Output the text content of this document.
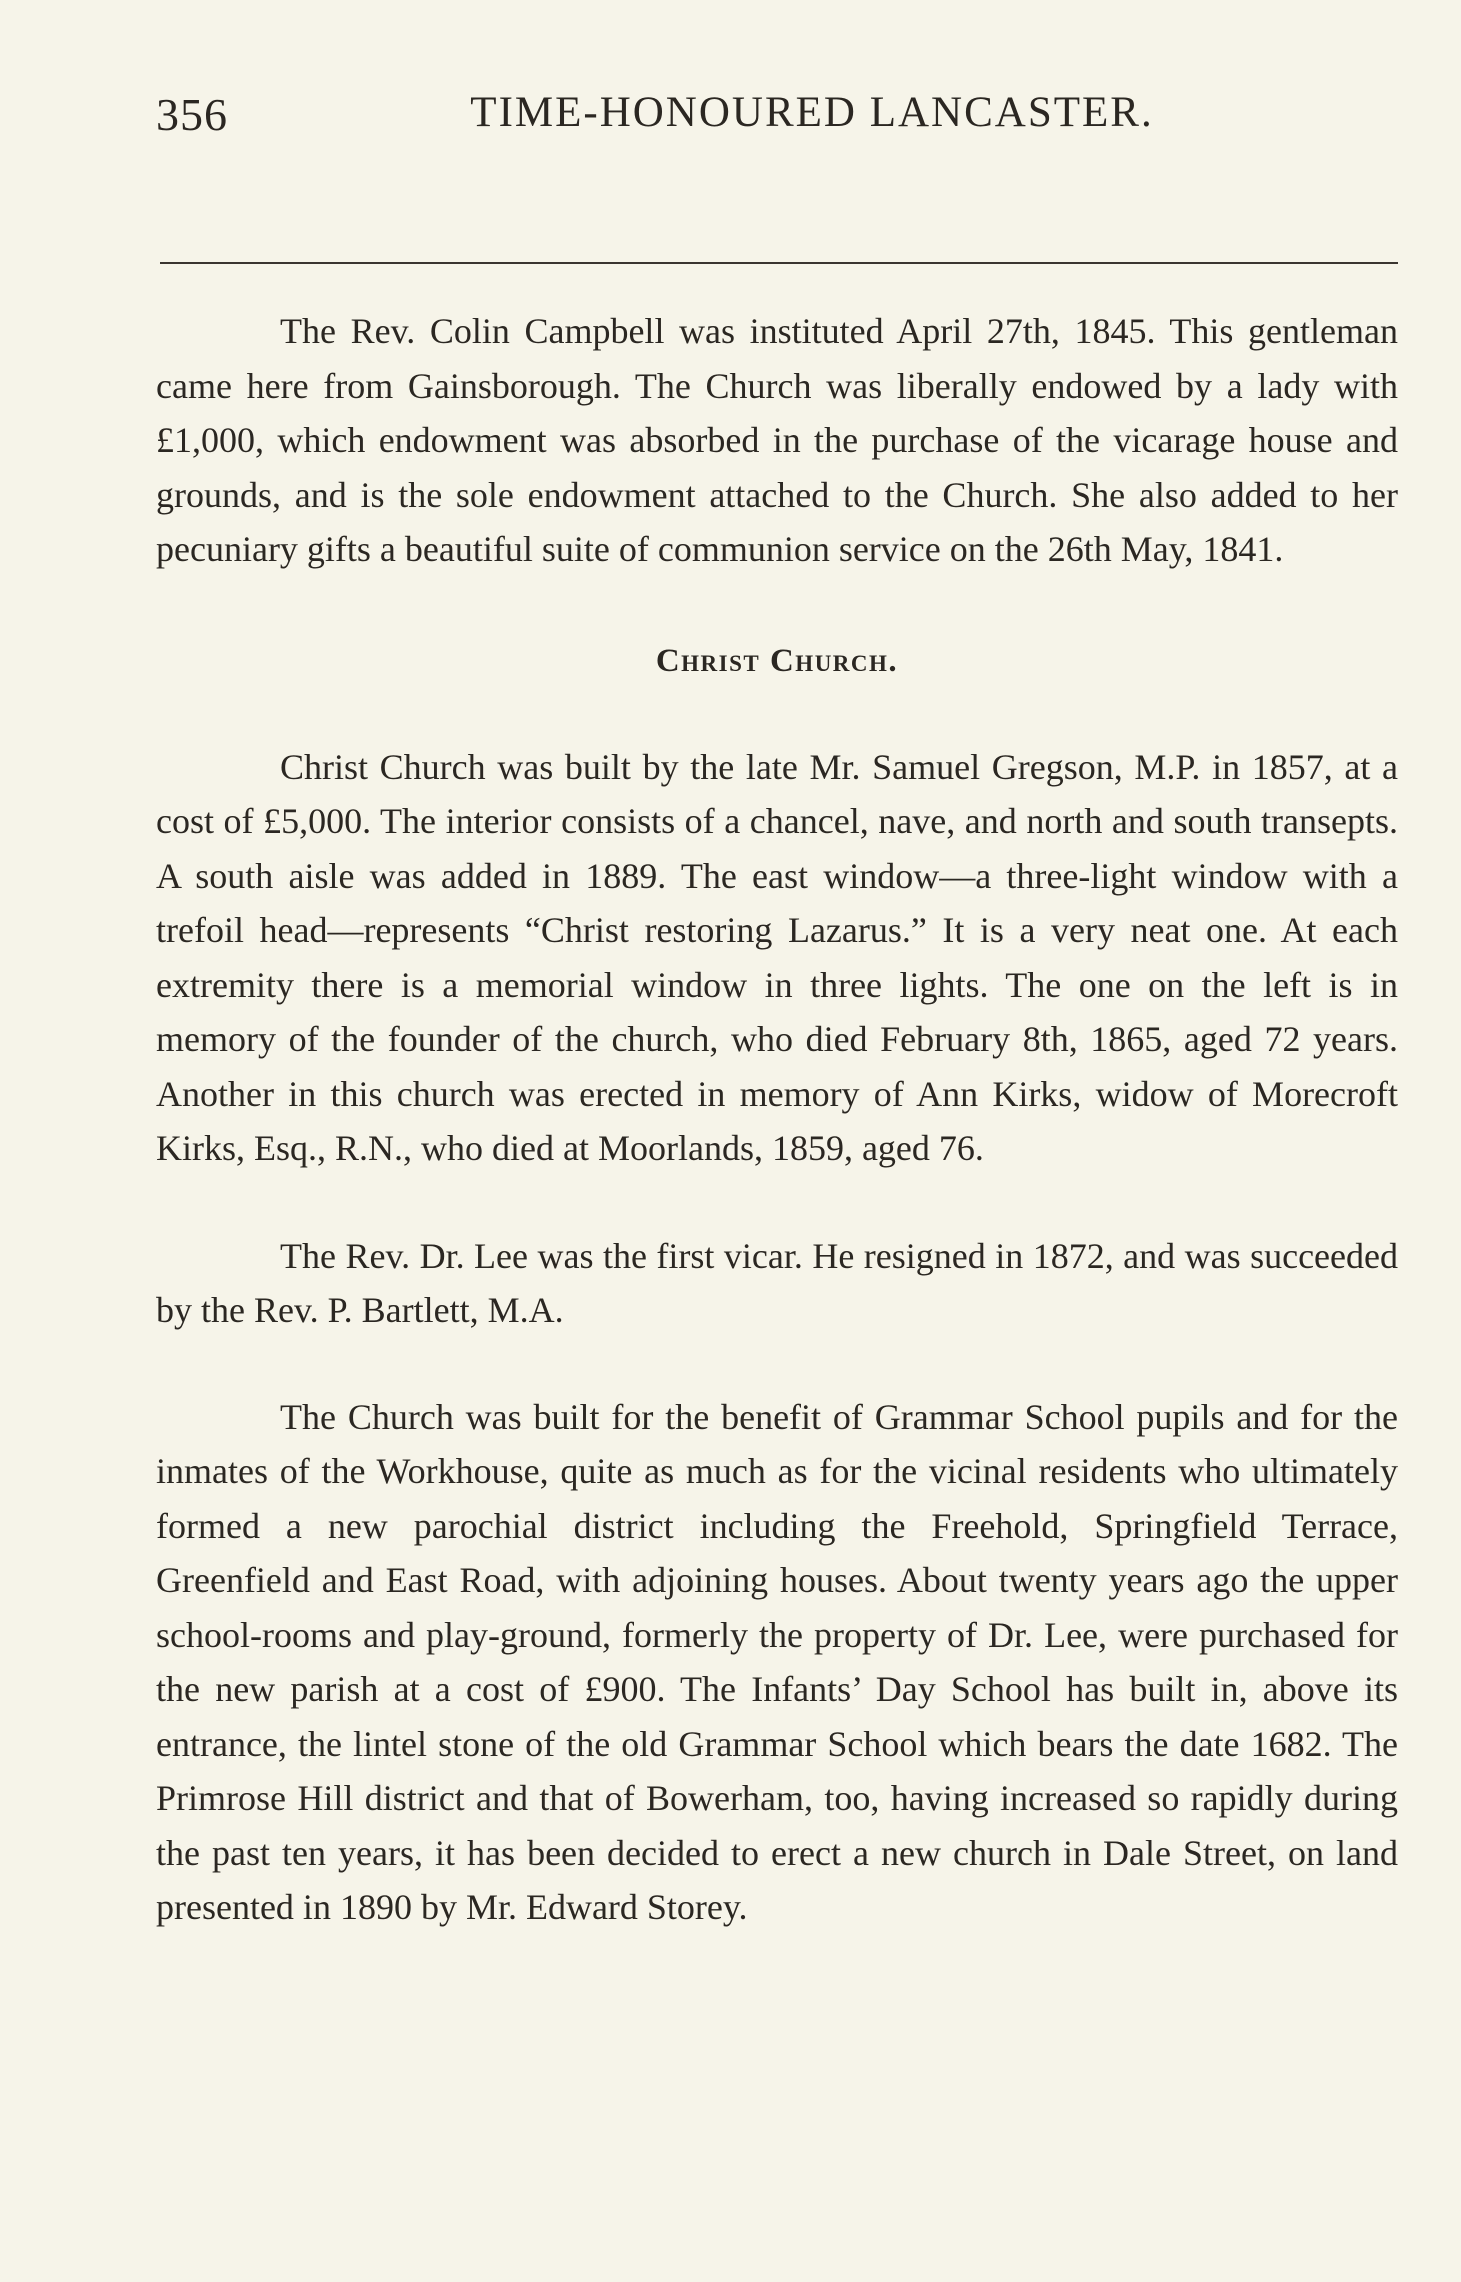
356	TIME-HONOURED LANCASTER.

The Rev. Colin Campbell was instituted April 27th, 1845. This gentleman came here from Gainsborough. The Church was liberally endowed by a lady with £1,000, which endowment was absorbed in the purchase of the vicarage house and grounds, and is the sole endowment attached to the Church. She also added to her pecuniary gifts a beautiful suite of communion service on the 26th May, 1841.

Christ Church.

Christ Church was built by the late Mr. Samuel Gregson, M.P. in 1857, at a cost of £5,000. The interior consists of a chancel, nave, and north and south transepts. A south aisle was added in 1889. The east window—a three-light window with a trefoil head—represents “Christ restoring Lazarus.” It is a very neat one. At each extremity there is a memorial window in three lights. The one on the left is in memory of the founder of the church, who died February 8th, 1865, aged 72 years. Another in this church was erected in memory of Ann Kirks, widow of Morecroft Kirks, Esq., R.N., who died at Moorlands, 1859, aged 76.

The Rev. Dr. Lee was the first vicar. He resigned in 1872, and was succeeded by the Rev. P. Bartlett, M.A.

The Church was built for the benefit of Grammar School pupils and for the inmates of the Workhouse, quite as much as for the vicinal residents who ultimately formed a new parochial district including the Freehold, Springfield Terrace, Greenfield and East Road, with adjoining houses. About twenty years ago the upper school-rooms and play-ground, formerly the property of Dr. Lee, were purchased for the new parish at a cost of £900. The Infants’ Day School has built in, above its entrance, the lintel stone of the old Grammar School which bears the date 1682. The Primrose Hill district and that of Bowerham, too, having increased so rapidly during the past ten years, it has been decided to erect a new church in Dale Street, on land presented in 1890 by Mr. Edward Storey.
